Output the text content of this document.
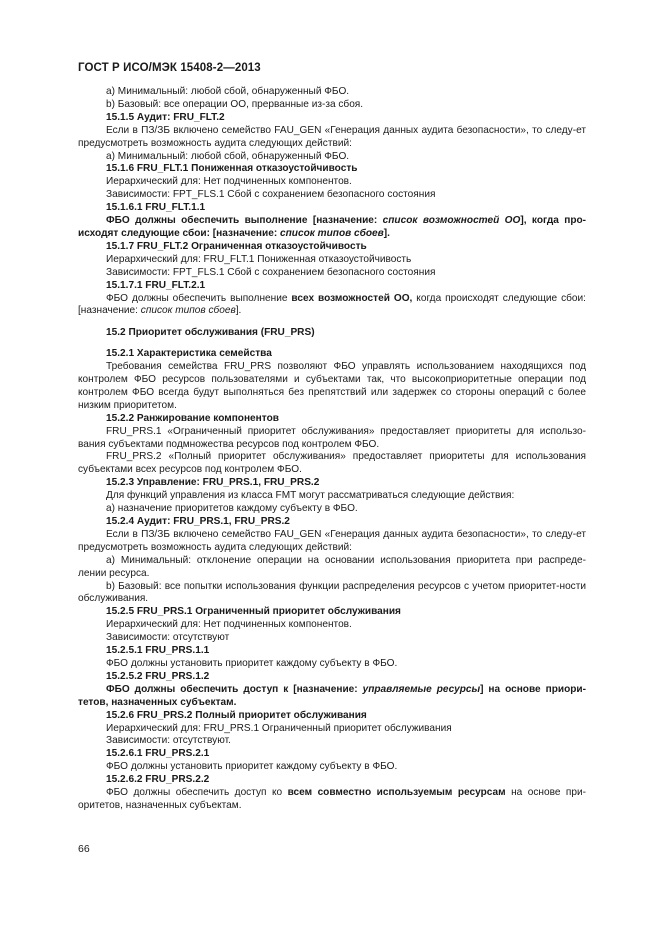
ГОСТ Р ИСО/МЭК 15408-2—2013

a) Минимальный: любой сбой, обнаруженный ФБО.

b) Базовый: все операции ОО, прерванные из-за сбоя.

15.1.5 Аудит: FRU_FLT.2

Если в ПЗ/ЗБ включено семейство FAU_GEN «Генерация данных аудита безопасности», то следу-ет предусмотреть возможность аудита следующих действий:

a) Минимальный: любой сбой, обнаруженный ФБО.

15.1.6 FRU_FLT.1 Пониженная отказоустойчивость

Иерархический для: Нет подчиненных компонентов.

Зависимости: FPT_FLS.1 Сбой с сохранением безопасного состояния

15.1.6.1 FRU_FLT.1.1

ФБО должны обеспечить выполнение [назначение: список возможностей ОО], когда про-исходят следующие сбои: [назначение: список типов сбоев].

15.1.7 FRU_FLT.2 Ограниченная отказоустойчивость

Иерархический для: FRU_FLT.1 Пониженная отказоустойчивость

Зависимости: FPT_FLS.1 Сбой с сохранением безопасного состояния

15.1.7.1 FRU_FLT.2.1

ФБО должны обеспечить выполнение всех возможностей ОО, когда происходят следующие сбои: [назначение: список типов сбоев].

15.2 Приоритет обслуживания (FRU_PRS)

15.2.1 Характеристика семейства

Требования семейства FRU_PRS позволяют ФБО управлять использованием находящихся под контролем ФБО ресурсов пользователями и субъектами так, что высокоприоритетные операции под контролем ФБО всегда будут выполняться без препятствий или задержек со стороны операций с более низким приоритетом.

15.2.2 Ранжирование компонентов

FRU_PRS.1 «Ограниченный приоритет обслуживания» предоставляет приоритеты для использо-вания субъектами подмножества ресурсов под контролем ФБО.

FRU_PRS.2 «Полный приоритет обслуживания» предоставляет приоритеты для использования субъектами всех ресурсов под контролем ФБО.

15.2.3 Управление: FRU_PRS.1, FRU_PRS.2

Для функций управления из класса FMT могут рассматриваться следующие действия:

a) назначение приоритетов каждому субъекту в ФБО.

15.2.4 Аудит: FRU_PRS.1, FRU_PRS.2

Если в ПЗ/ЗБ включено семейство FAU_GEN «Генерация данных аудита безопасности», то следу-ет предусмотреть возможность аудита следующих действий:

a) Минимальный: отклонение операции на основании использования приоритета при распреде-лении ресурса.

b) Базовый: все попытки использования функции распределения ресурсов с учетом приоритет-ности обслуживания.

15.2.5 FRU_PRS.1 Ограниченный приоритет обслуживания

Иерархический для: Нет подчиненных компонентов.

Зависимости: отсутствуют

15.2.5.1 FRU_PRS.1.1

ФБО должны установить приоритет каждому субъекту в ФБО.

15.2.5.2 FRU_PRS.1.2

ФБО должны обеспечить доступ к [назначение: управляемые ресурсы] на основе приори-тетов, назначенных субъектам.

15.2.6 FRU_PRS.2 Полный приоритет обслуживания

Иерархический для: FRU_PRS.1 Ограниченный приоритет обслуживания

Зависимости: отсутствуют.

15.2.6.1 FRU_PRS.2.1

ФБО должны установить приоритет каждому субъекту в ФБО.

15.2.6.2 FRU_PRS.2.2

ФБО должны обеспечить доступ ко всем совместно используемым ресурсам на основе при-оритетов, назначенных субъектам.

66
